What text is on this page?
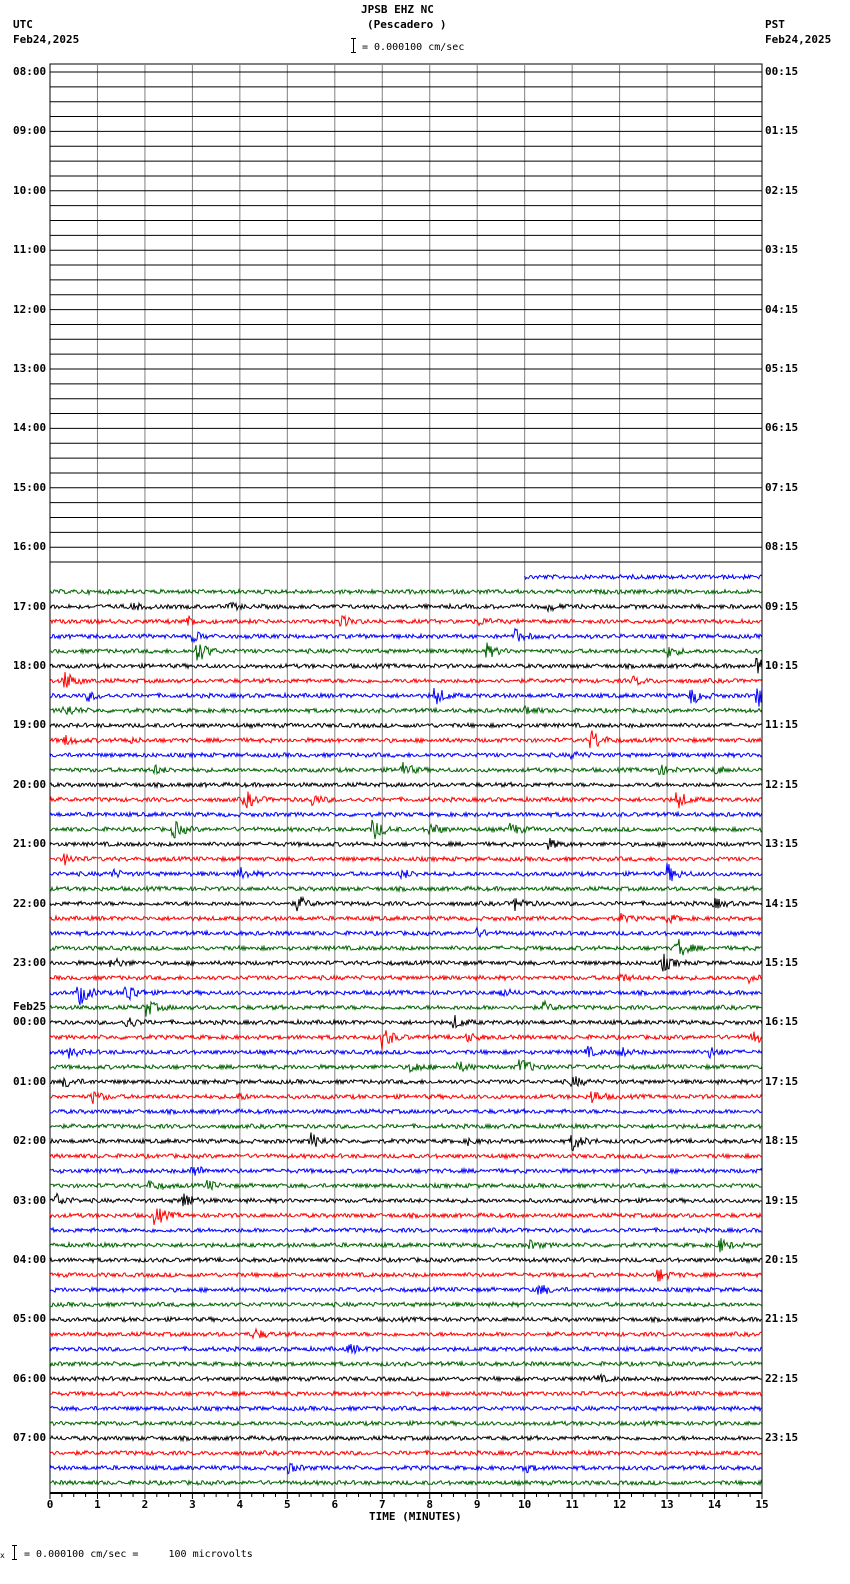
JPSB EHZ NC
(Pescadero )
UTC
Feb24,2025
PST
Feb24,2025
= 0.000100 cm/sec
0	1	2	3	4	5	6	7	8	9	10	11	12	13	14	15
TIME (MINUTES)
x = 0.000100 cm/sec =     100 microvolts
08:00
09:00
10:00
11:00
12:00
13:00
14:00
15:00
16:00
17:00
18:00
19:00
20:00
21:00
22:00
23:00
00:00
Feb25
01:00
02:00
03:00
04:00
05:00
06:00
07:00
00:15
01:15
02:15
03:15
04:15
05:15
06:15
07:15
08:15
09:15
10:15
11:15
12:15
13:15
14:15
15:15
16:15
17:15
18:15
19:15
20:15
21:15
22:15
23:15
